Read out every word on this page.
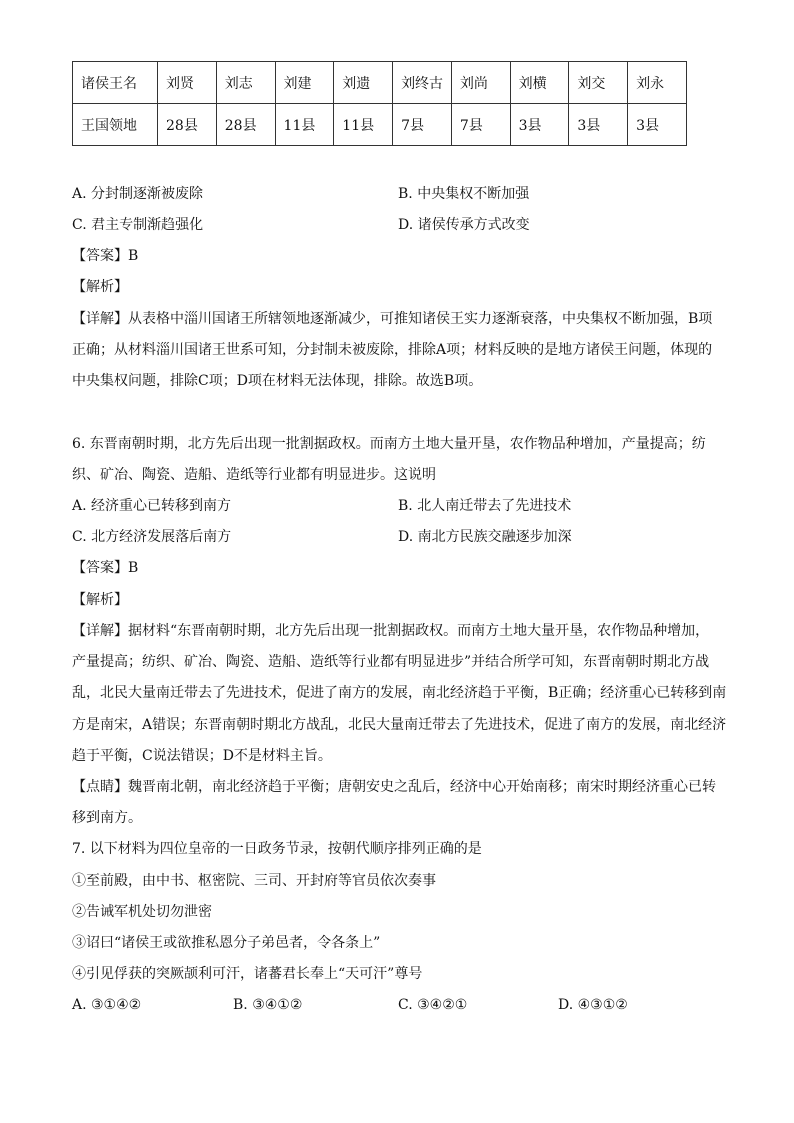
诸侯王名	刘贤	刘志	刘建	刘遗	刘终古	刘尚	刘横	刘交	刘永
王国领地	28县	28县	11县	11县	7县	7县	3县	3县	3县
A. 分封制逐渐被废除	B. 中央集权不断加强
C. 君主专制渐趋强化	D. 诸侯传承方式改变
【答案】B
【解析】
【详解】从表格中淄川国诸王所辖领地逐渐减少，可推知诸侯王实力逐渐衰落，中央集权不断加强，B项
正确；从材料淄川国诸王世系可知，分封制未被废除，排除A项；材料反映的是地方诸侯王问题，体现的
中央集权问题，排除C项；D项在材料无法体现，排除。故选B项。
6. 东晋南朝时期，北方先后出现一批割据政权。而南方土地大量开垦，农作物品种增加，产量提高；纺
织、矿冶、陶瓷、造船、造纸等行业都有明显进步。这说明
A. 经济重心已转移到南方	B. 北人南迁带去了先进技术
C. 北方经济发展落后南方	D. 南北方民族交融逐步加深
【答案】B
【解析】
【详解】据材料“东晋南朝时期，北方先后出现一批割据政权。而南方土地大量开垦，农作物品种增加，
产量提高；纺织、矿冶、陶瓷、造船、造纸等行业都有明显进步”并结合所学可知，东晋南朝时期北方战
乱，北民大量南迁带去了先进技术，促进了南方的发展，南北经济趋于平衡，B正确；经济重心已转移到南
方是南宋，A错误；东晋南朝时期北方战乱，北民大量南迁带去了先进技术，促进了南方的发展，南北经济
趋于平衡，C说法错误；D不是材料主旨。
【点睛】魏晋南北朝，南北经济趋于平衡；唐朝安史之乱后，经济中心开始南移；南宋时期经济重心已转
移到南方。
7. 以下材料为四位皇帝的一日政务节录，按朝代顺序排列正确的是
①至前殿，由中书、枢密院、三司、开封府等官员依次奏事
②告诫军机处切勿泄密
③诏曰“诸侯王或欲推私恩分子弟邑者，令各条上”
④引见俘获的突厥颉利可汗，诸蕃君长奉上“天可汗”尊号
A. ③①④②	B. ③④①②	C. ③④②①	D. ④③①②
